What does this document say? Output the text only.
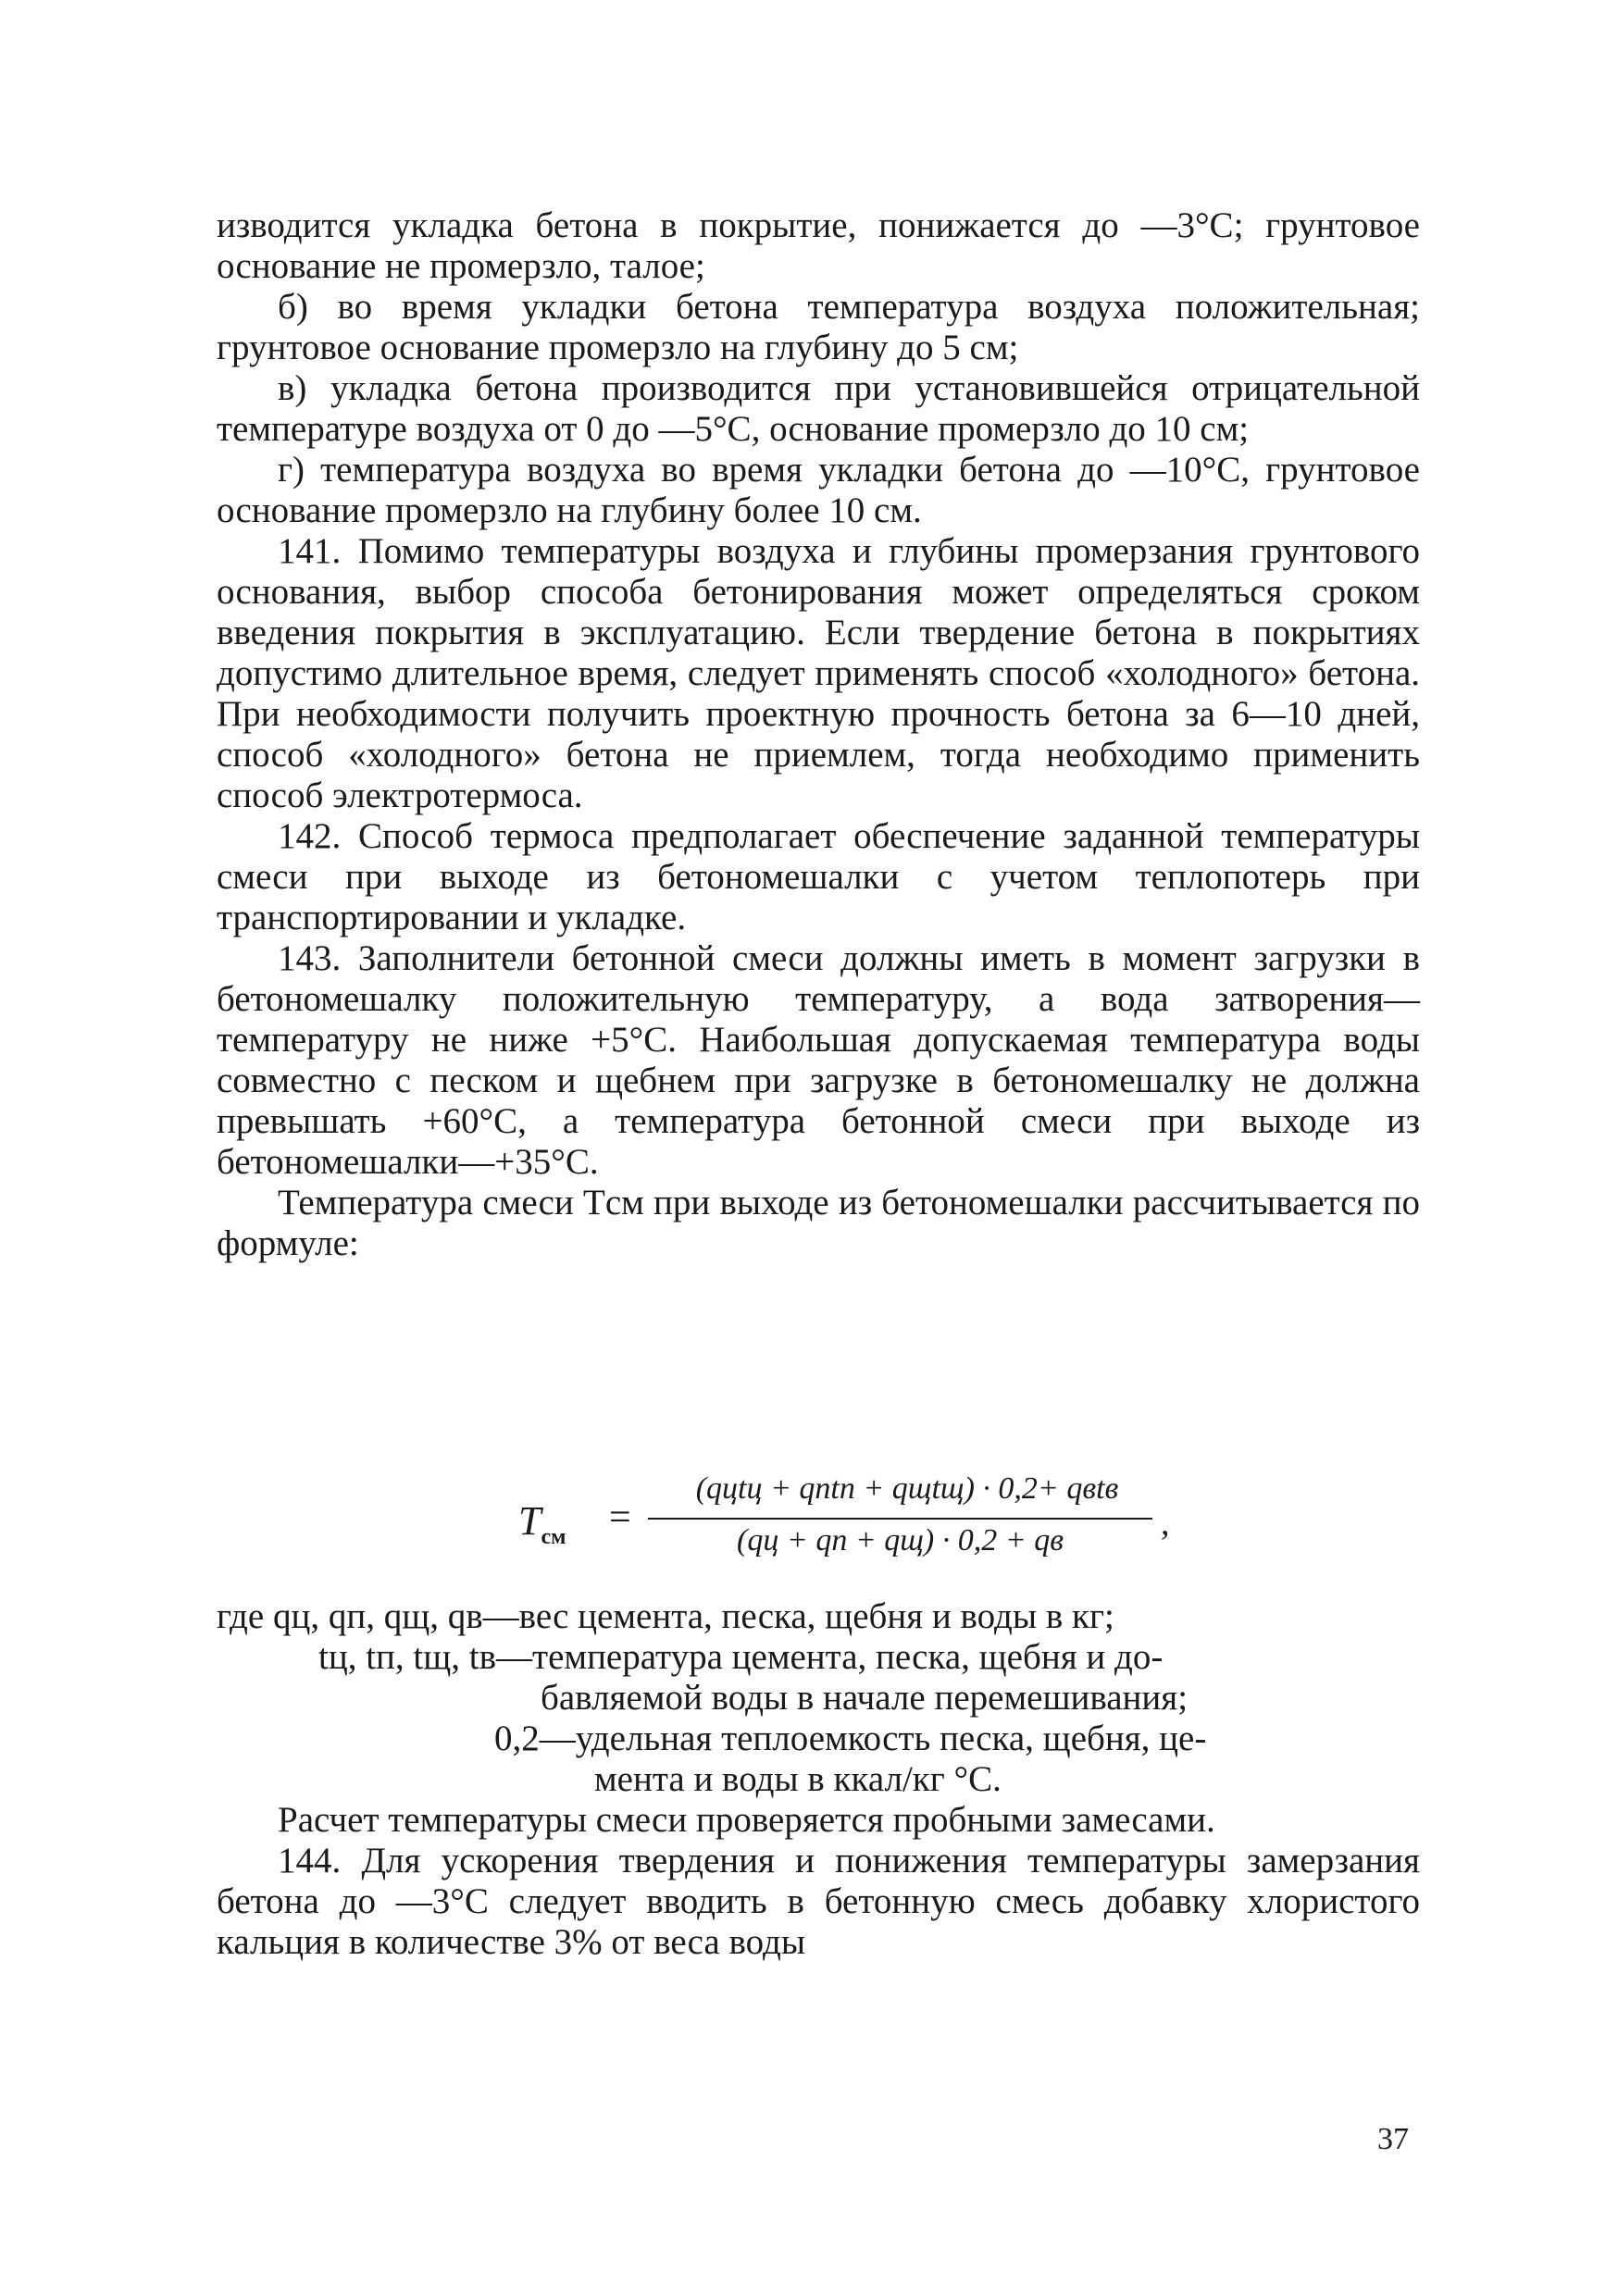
изводится укладка бетона в покрытие, понижается до —3°С; грунтовое основание не промерзло, талое;

б) во время укладки бетона температура воздуха положительная; грунтовое основание промерзло на глубину до 5 см;

в) укладка бетона производится при установившейся отрицательной температуре воздуха от 0 до —5°С, основание промерзло до 10 см;

г) температура воздуха во время укладки бетона до —10°С, грунтовое основание промерзло на глубину более 10 см.

141. Помимо температуры воздуха и глубины промерзания грунтового основания, выбор способа бетонирования может определяться сроком введения покрытия в эксплуатацию. Если твердение бетона в покрытиях допустимо длительное время, следует применять способ «холодного» бетона. При необходимости получить проектную прочность бетона за 6—10 дней, способ «холодного» бетона не приемлем, тогда необходимо применить способ электротермоса.

142. Способ термоса предполагает обеспечение заданной температуры смеси при выходе из бетономешалки с учетом теплопотерь при транспортировании и укладке.

143. Заполнители бетонной смеси должны иметь в момент загрузки в бетономешалку положительную температуру, а вода затворения—температуру не ниже +5°С. Наибольшая допускаемая температура воды совместно с песком и щебнем при загрузке в бетономешалку не должна превышать +60°С, а температура бетонной смеси при выходе из бетономешалки—+35°С.

Температура смеси Tсм при выходе из бетономешалки рассчитывается по формуле:

$T_{см}$ =
(qцtц + qпtп + qщtщ) · 0,2+ qвtв
(qц + qп + qщ) · 0,2 + qв	,
где qц, qп, qщ, qв—вес цемента, песка, щебня и воды в кг;
tц, tп, tщ, tв—температура цемента, песка, щебня и до-
бавляемой воды в начале перемешивания;
0,2—удельная теплоемкость песка, щебня, це-
мента и воды в ккал/кг °С.

Расчет температуры смеси проверяется пробными замесами.

144. Для ускорения твердения и понижения температуры замерзания бетона до —3°С следует вводить в бетонную смесь добавку хлористого кальция в количестве 3% от веса воды

37
